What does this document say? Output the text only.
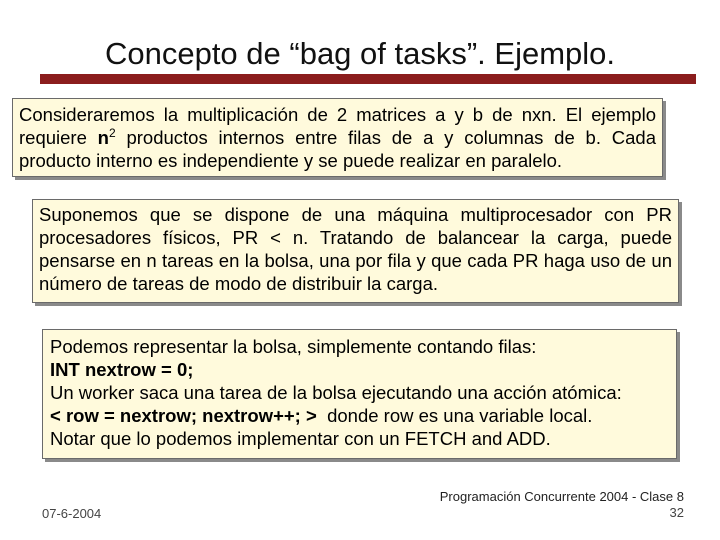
Concepto de “bag of tasks”. Ejemplo.

Consideraremos la multiplicación de 2 matrices a y b de nxn. El ejemplo requiere $n^2$ productos internos entre filas de a y columnas de b. Cada producto interno es independiente y se puede realizar en paralelo.

Suponemos que se dispone de una máquina multiprocesador con PR procesadores físicos, PR < n. Tratando de balancear la carga, puede pensarse en n tareas en la bolsa, una por fila y que cada PR haga uso de un número de tareas de modo de distribuir la carga.

Podemos representar la bolsa, simplemente contando filas:

INT nextrow = 0;

Un worker saca una tarea de la bolsa ejecutando una acción atómica:

< row = nextrow; nextrow++; >  donde row es una variable local.

Notar que lo podemos implementar con un FETCH and ADD.

07-6-2004
Programación Concurrente 2004 - Clase 8
32
